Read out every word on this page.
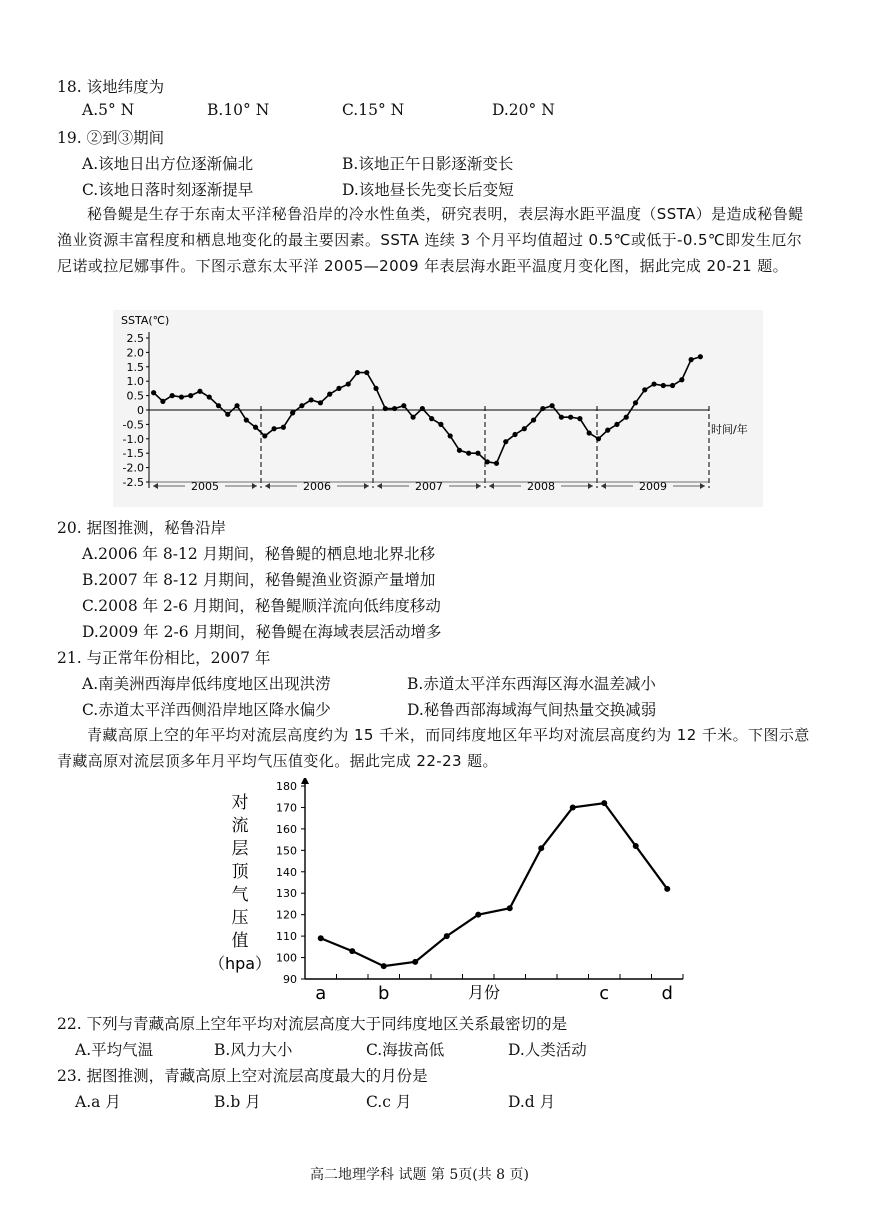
18. 该地纬度为
A.5° N	B.10° N	C.15° N	D.20° N
19. ②到③期间
A.该地日出方位逐渐偏北	B.该地正午日影逐渐变长
C.该地日落时刻逐渐提早	D.该地昼长先变长后变短
秘鲁鳀是生存于东南太平洋秘鲁沿岸的冷水性鱼类，研究表明，表层海水距平温度（SSTA）是造成秘鲁鳀渔业资源丰富程度和栖息地变化的最主要因素。SSTA 连续 3 个月平均值超过 0.5℃或低于-0.5℃即发生厄尔尼诺或拉尼娜事件。下图示意东太平洋 2005—2009 年表层海水距平温度月变化图，据此完成 20-21 题。
SSTA(℃)
时间/年
2.5
2.0
1.5
1.0
0.5
0
-0.5
-1.0
-1.5
-2.0
-2.5	2005	2006	2007	2008	2009
20. 据图推测，秘鲁沿岸
A.2006 年 8-12 月期间，秘鲁鳀的栖息地北界北移
B.2007 年 8-12 月期间，秘鲁鳀渔业资源产量增加
C.2008 年 2-6 月期间，秘鲁鳀顺洋流向低纬度移动
D.2009 年 2-6 月期间，秘鲁鳀在海域表层活动增多
21. 与正常年份相比，2007 年
A.南美洲西海岸低纬度地区出现洪涝	B.赤道太平洋东西海区海水温差减小
C.赤道太平洋西侧沿岸地区降水偏少	D.秘鲁西部海域海气间热量交换减弱
青藏高原上空的年平均对流层高度约为 15 千米，而同纬度地区年平均对流层高度约为 12 千米。下图示意青藏高原对流层顶多年月平均气压值变化。据此完成 22-23 题。
对
流
层
顶
气
压
值
（hpa）
180
170
160
150
140
130
120
110
100
90
a	b	c	d
月份
22. 下列与青藏高原上空年平均对流层高度大于同纬度地区关系最密切的是
A.平均气温	B.风力大小	C.海拔高低	D.人类活动
23. 据图推测，青藏高原上空对流层高度最大的月份是
A.a 月	B.b 月	C.c 月	D.d 月
高二地理学科 试题 第 5页(共 8 页)
